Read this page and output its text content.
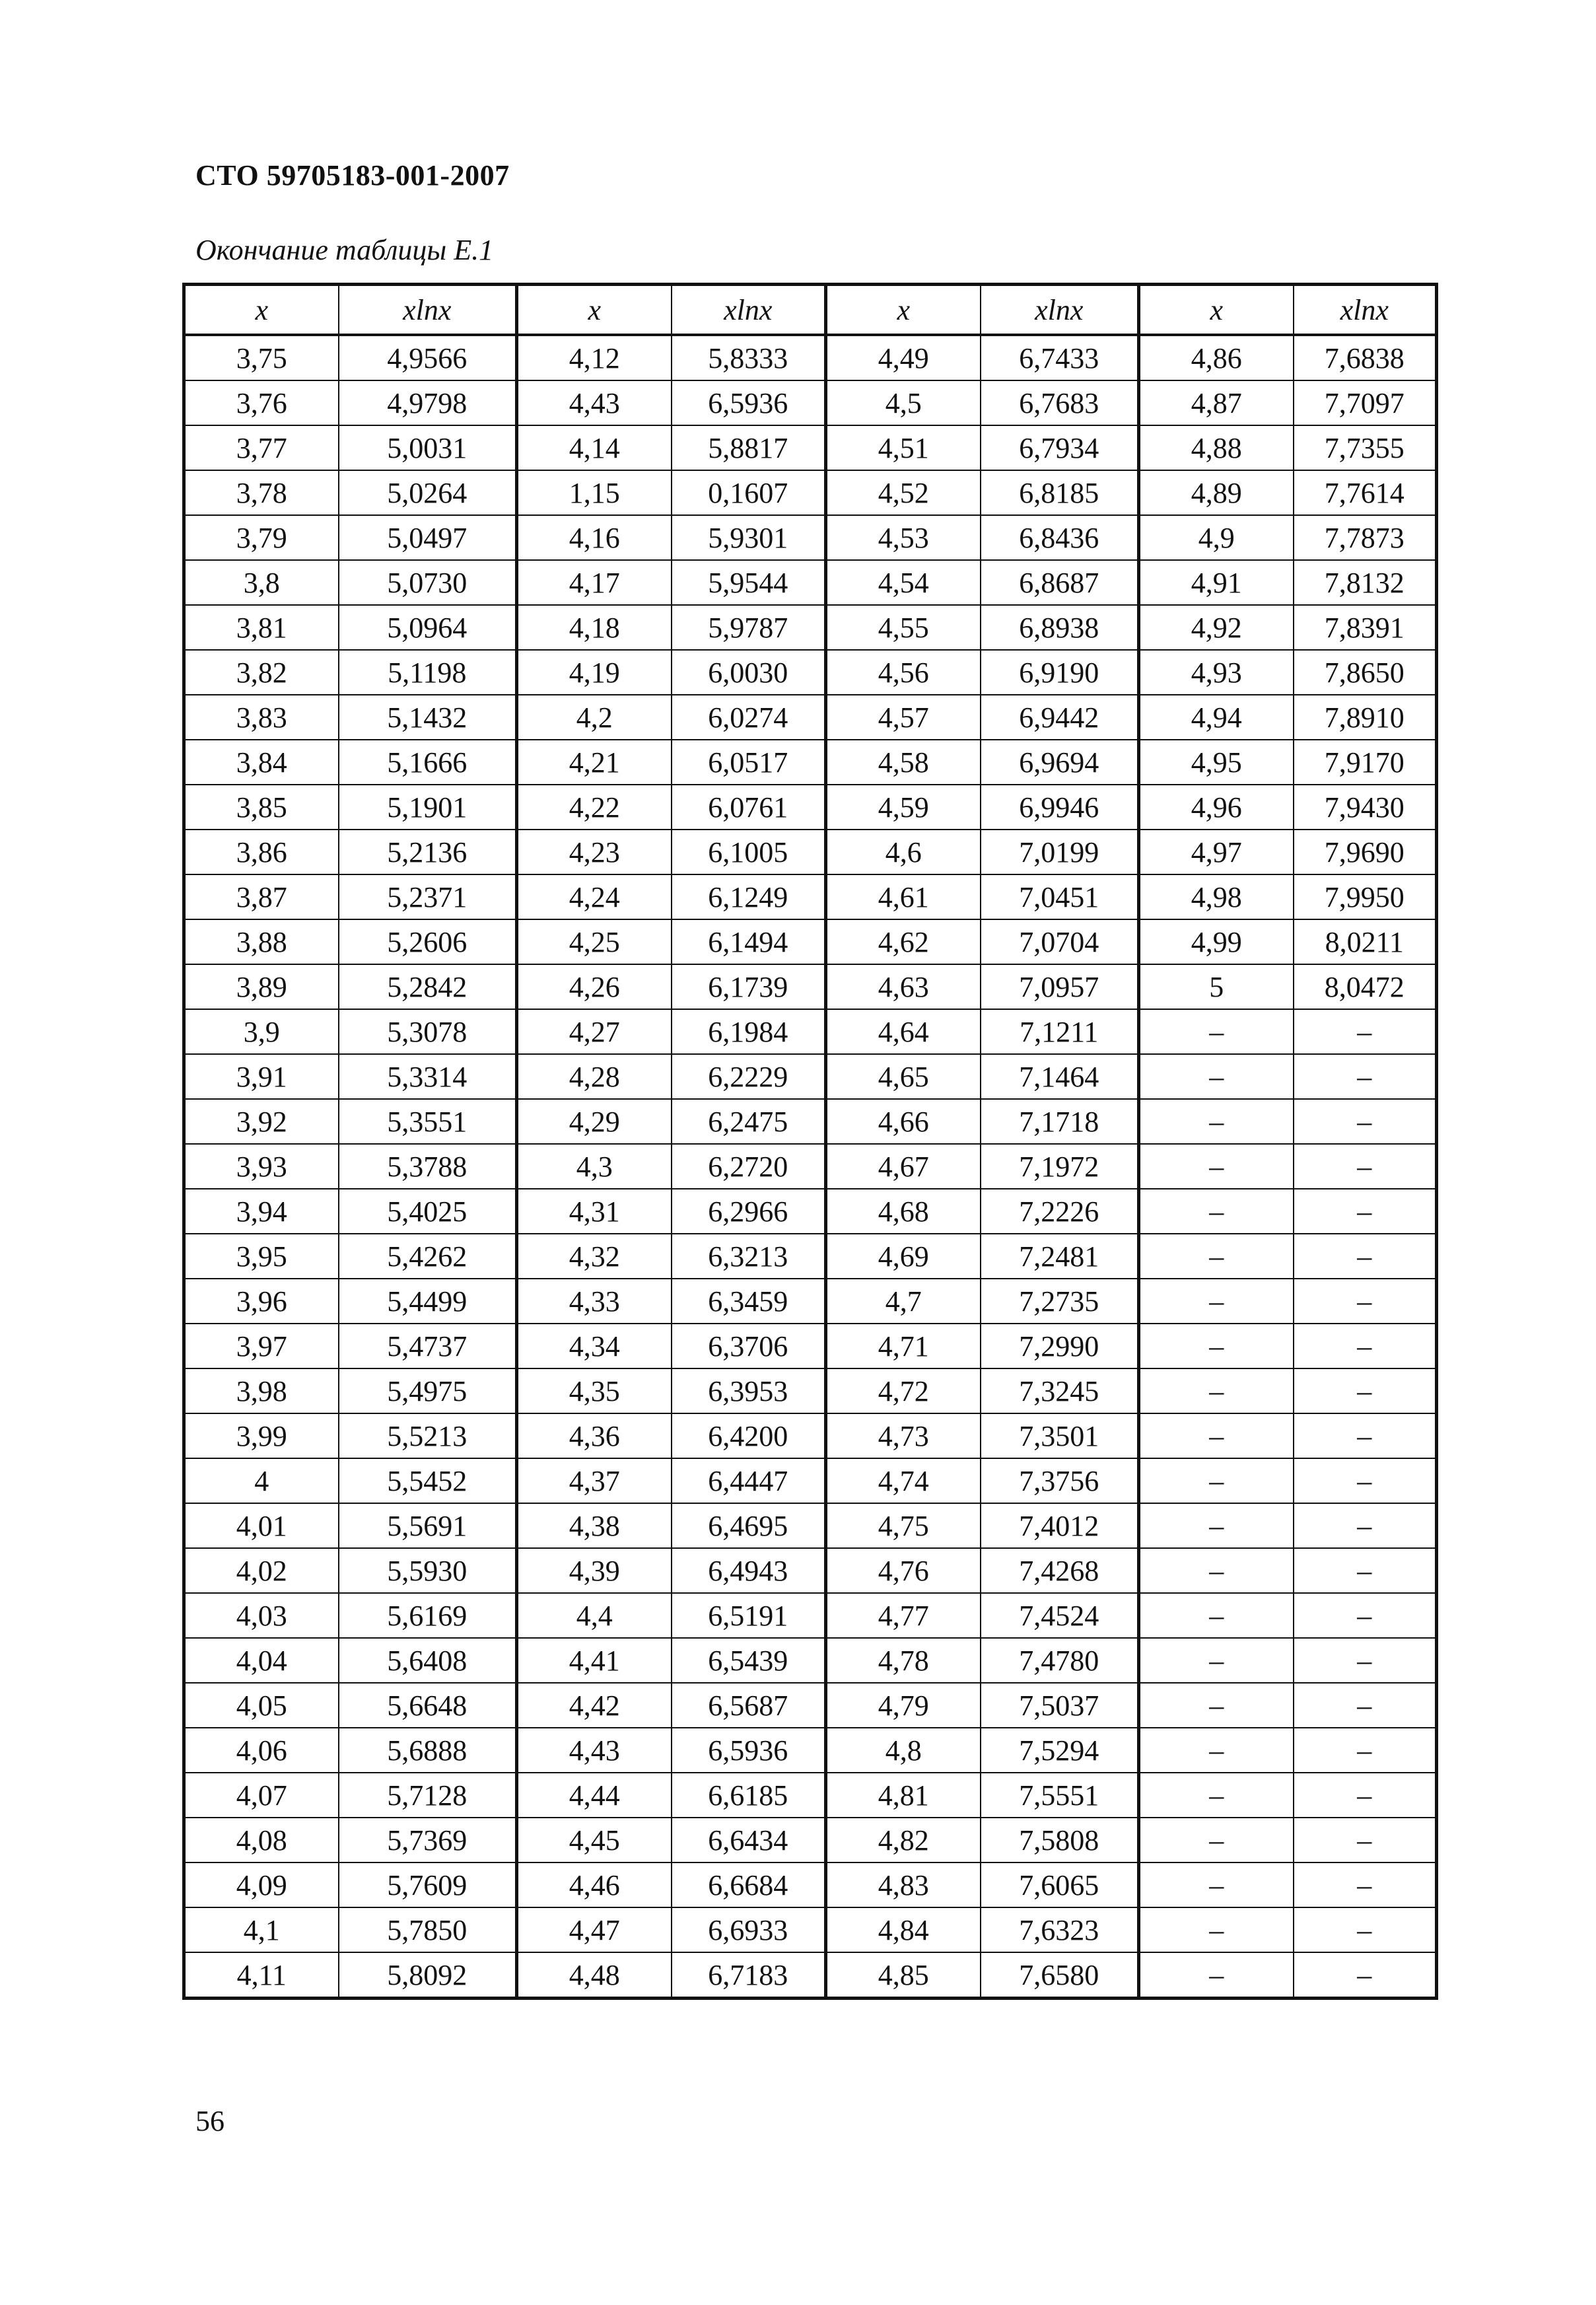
СТО 59705183-001-2007
Окончание таблицы Е.1
x	xlnx	x	xlnx	x	xlnx	x	xlnx
3,75	4,9566	4,12	5,8333	4,49	6,7433	4,86	7,6838
3,76	4,9798	4,43	6,5936	4,5	6,7683	4,87	7,7097
3,77	5,0031	4,14	5,8817	4,51	6,7934	4,88	7,7355
3,78	5,0264	1,15	0,1607	4,52	6,8185	4,89	7,7614
3,79	5,0497	4,16	5,9301	4,53	6,8436	4,9	7,7873
3,8	5,0730	4,17	5,9544	4,54	6,8687	4,91	7,8132
3,81	5,0964	4,18	5,9787	4,55	6,8938	4,92	7,8391
3,82	5,1198	4,19	6,0030	4,56	6,9190	4,93	7,8650
3,83	5,1432	4,2	6,0274	4,57	6,9442	4,94	7,8910
3,84	5,1666	4,21	6,0517	4,58	6,9694	4,95	7,9170
3,85	5,1901	4,22	6,0761	4,59	6,9946	4,96	7,9430
3,86	5,2136	4,23	6,1005	4,6	7,0199	4,97	7,9690
3,87	5,2371	4,24	6,1249	4,61	7,0451	4,98	7,9950
3,88	5,2606	4,25	6,1494	4,62	7,0704	4,99	8,0211
3,89	5,2842	4,26	6,1739	4,63	7,0957	5	8,0472
3,9	5,3078	4,27	6,1984	4,64	7,1211	–	–
3,91	5,3314	4,28	6,2229	4,65	7,1464	–	–
3,92	5,3551	4,29	6,2475	4,66	7,1718	–	–
3,93	5,3788	4,3	6,2720	4,67	7,1972	–	–
3,94	5,4025	4,31	6,2966	4,68	7,2226	–	–
3,95	5,4262	4,32	6,3213	4,69	7,2481	–	–
3,96	5,4499	4,33	6,3459	4,7	7,2735	–	–
3,97	5,4737	4,34	6,3706	4,71	7,2990	–	–
3,98	5,4975	4,35	6,3953	4,72	7,3245	–	–
3,99	5,5213	4,36	6,4200	4,73	7,3501	–	–
4	5,5452	4,37	6,4447	4,74	7,3756	–	–
4,01	5,5691	4,38	6,4695	4,75	7,4012	–	–
4,02	5,5930	4,39	6,4943	4,76	7,4268	–	–
4,03	5,6169	4,4	6,5191	4,77	7,4524	–	–
4,04	5,6408	4,41	6,5439	4,78	7,4780	–	–
4,05	5,6648	4,42	6,5687	4,79	7,5037	–	–
4,06	5,6888	4,43	6,5936	4,8	7,5294	–	–
4,07	5,7128	4,44	6,6185	4,81	7,5551	–	–
4,08	5,7369	4,45	6,6434	4,82	7,5808	–	–
4,09	5,7609	4,46	6,6684	4,83	7,6065	–	–
4,1	5,7850	4,47	6,6933	4,84	7,6323	–	–
4,11	5,8092	4,48	6,7183	4,85	7,6580	–	–
56
